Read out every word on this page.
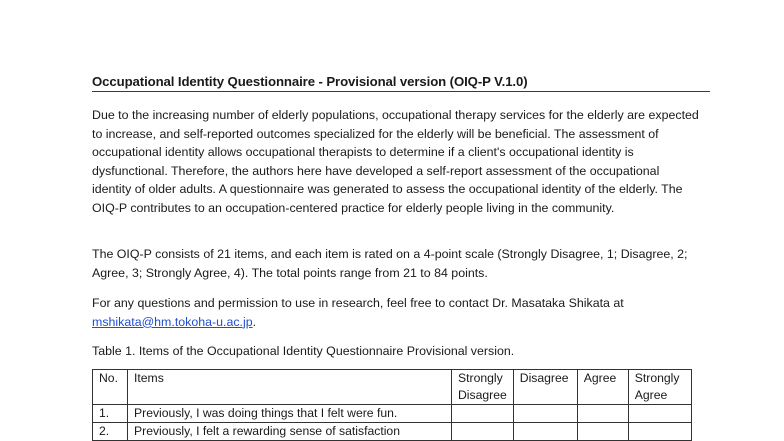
Occupational Identity Questionnaire - Provisional version (OIQ-P V.1.0)

Due to the increasing number of elderly populations, occupational therapy services for the elderly are expected to increase, and self-reported outcomes specialized for the elderly will be beneficial. The assessment of occupational identity allows occupational therapists to determine if a client's occupational identity is dysfunctional. Therefore, the authors here have developed a self-report assessment of the occupational identity of older adults. A questionnaire was generated to assess the occupational identity of the elderly. The OIQ-P contributes to an occupation-centered practice for elderly people living in the community.

The OIQ-P consists of 21 items, and each item is rated on a 4-point scale (Strongly Disagree, 1; Disagree, 2; Agree, 3; Strongly Agree, 4). The total points range from 21 to 84 points.

For any questions and permission to use in research, feel free to contact Dr. Masataka Shikata at mshikata@hm.tokoha-u.ac.jp.

Table 1. Items of the Occupational Identity Questionnaire Provisional version.
No.	Items	Strongly Disagree	Disagree	Agree	Strongly Agree
1.	Previously, I was doing things that I felt were fun.				
2.	Previously, I felt a rewarding sense of satisfaction				
